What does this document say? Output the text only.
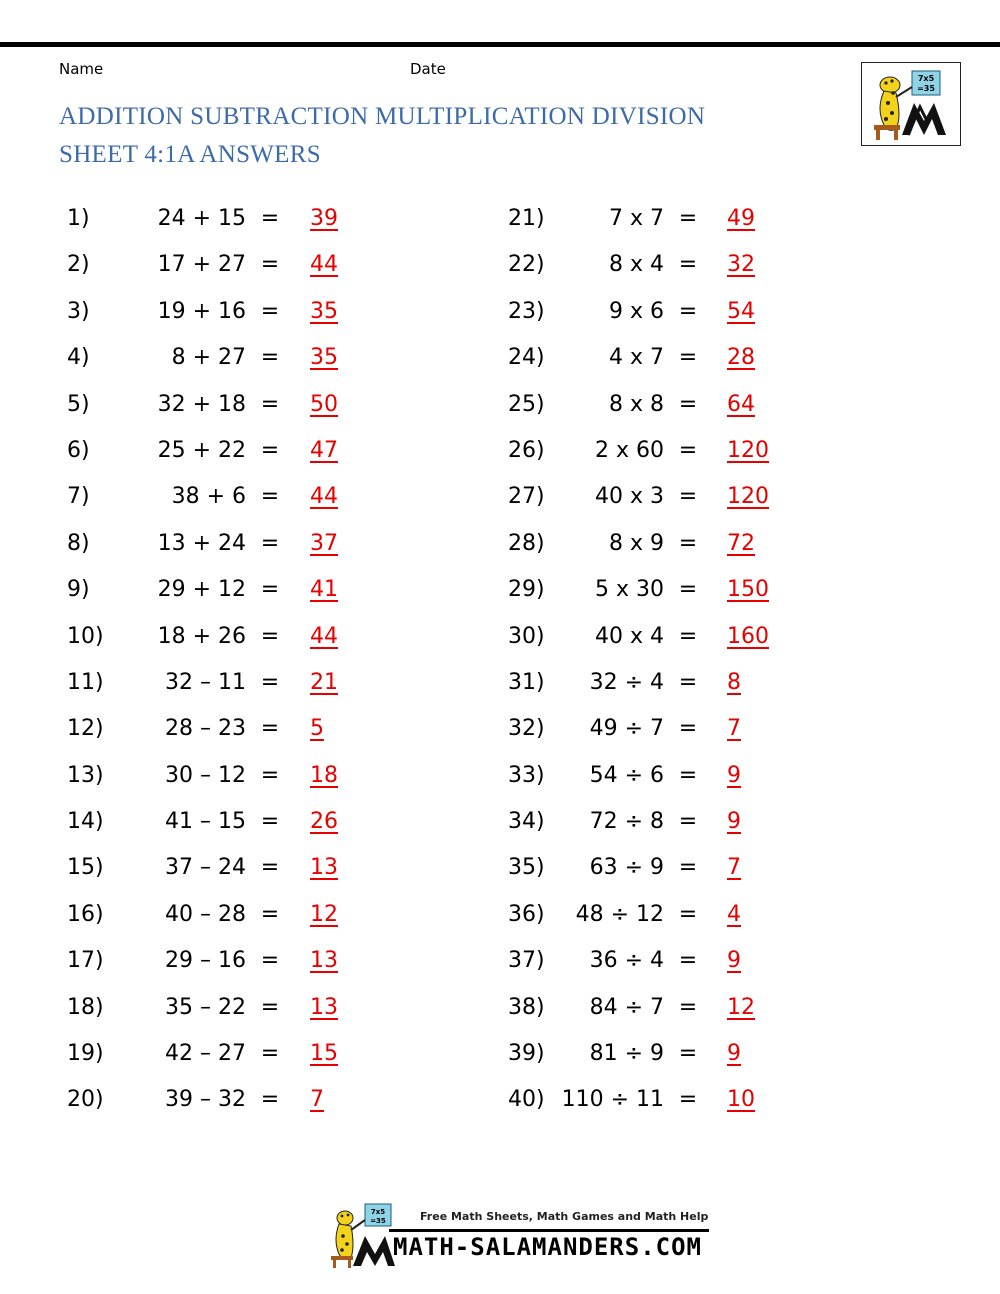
Name	Date
ADDITION SUBTRACTION MULTIPLICATION DIVISION
SHEET 4:1A ANSWERS
7x5
=35
1)	24 + 15 = 39
2)	17 + 27 = 44
3)	19 + 16 = 35
4)	8 + 27 = 35
5)	32 + 18 = 50
6)	25 + 22 = 47
7)	38 + 6 = 44
8)	13 + 24 = 37
9)	29 + 12 = 41
10) 18 + 26 = 44
11)	32 – 11 = 21
12)	28 – 23 = 5
13)	30 – 12 = 18
14)	41 – 15 = 26
15)	37 – 24 = 13
16)	40 – 28 = 12
17)	29 – 16 = 13
18)	35 – 22 = 13
19)	42 – 27 = 15
20)	39 – 32 = 7
21)	7 x 7 = 49
22)	8 x 4 = 32
23)	9 x 6 = 54
24)	4 x 7 = 28
25)	8 x 8 = 64
26) 2 x 60 = 120
27) 40 x 3 = 120
28)	8 x 9 = 72
29) 5 x 30 = 150
30) 40 x 4 = 160
31) 32 ÷ 4 = 8
32) 49 ÷ 7 = 7
33) 54 ÷ 6 = 9
34) 72 ÷ 8 = 9
35) 63 ÷ 9 = 7
36) 48 ÷ 12 = 4
37) 36 ÷ 4 = 9
38) 84 ÷ 7 = 12
39) 81 ÷ 9 = 9
40) 110 ÷ 11 = 10
7x5
=35	Free Math Sheets, Math Games and Math Help
MATH-SALAMANDERS.COM
